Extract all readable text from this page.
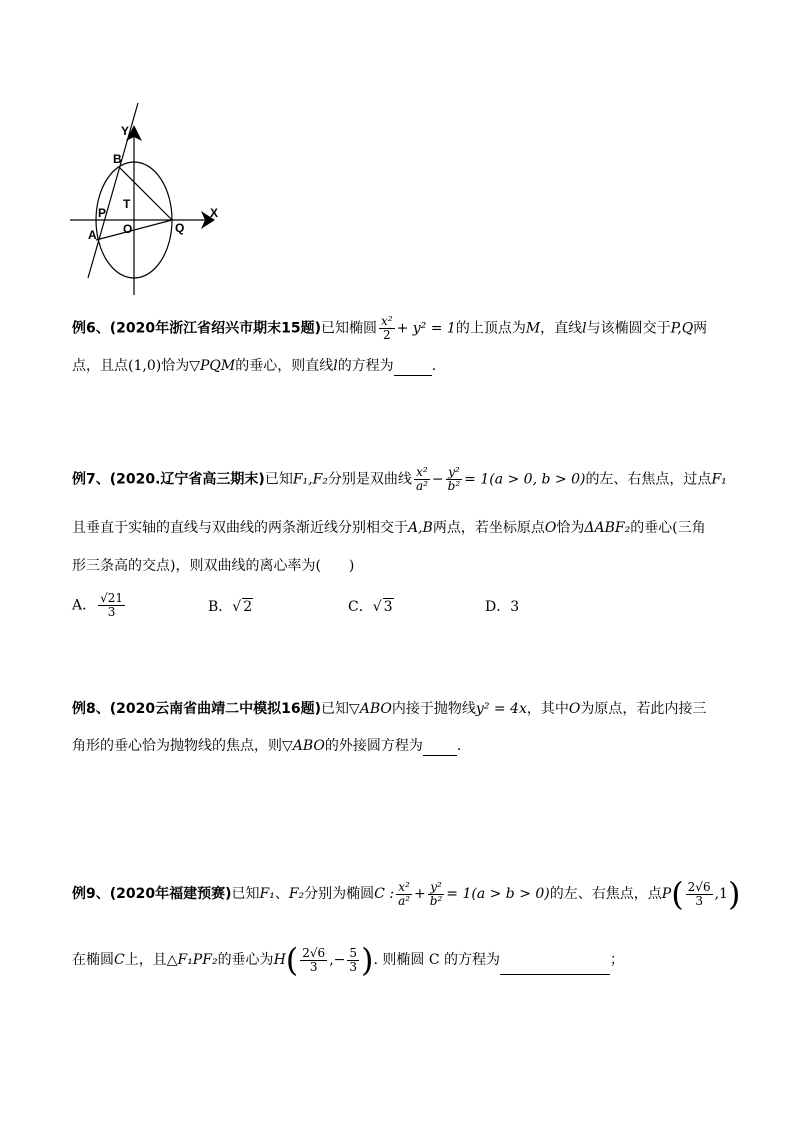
Y
X
B
T
P
O	Q
A
例6、(2020年浙江省绍兴市期末15题)已知椭圆 $\frac{\text{x²}}{2} + y^2 = 1$的上顶点为M，直线l与该椭圆交于P,Q两
点，且点(1,0)恰为▽PQM的垂心，则直线l的方程为	.
例7、(2020.辽宁省高三期末)已知F₁,F₂分别是双曲线 $\frac{\text{x²}}{\text{a²}} - \frac{\text{y²}}{\text{b²}} = 1(a > 0$, b > 0)的左、右焦点，过点F₁
且垂直于实轴的直线与双曲线的两条渐近线分别相交于A,B两点，若坐标原点O恰为ΔABF₂的垂心(三角
形三条高的交点)，则双曲线的离心率为(　　)
A． $\frac{√21}{3}$	B．√ 2	C．√ 3	D．3
例8、(2020云南省曲靖二中模拟16题)已知▽ABO内接于抛物线y² = 4x，其中O为原点，若此内接三
角形的垂心恰为抛物线的焦点，则▽ABO的外接圆方程为 .
例9、(2020年福建预赛)已知F₁、F₂分别为椭圆C : $\frac{\text{x²}}{\text{a²}} + \frac{\text{y²}}{\text{b²}} = 1(a > b > 0)$的左、右焦点，点$P( \frac{2√6}{3} ,1)$
在椭圆C上，且△F₁PF₂的垂心为$H( \frac{2√6}{3}$ ,− $\frac{5}{3}$ ). 则椭圆 C 的方程为	；
